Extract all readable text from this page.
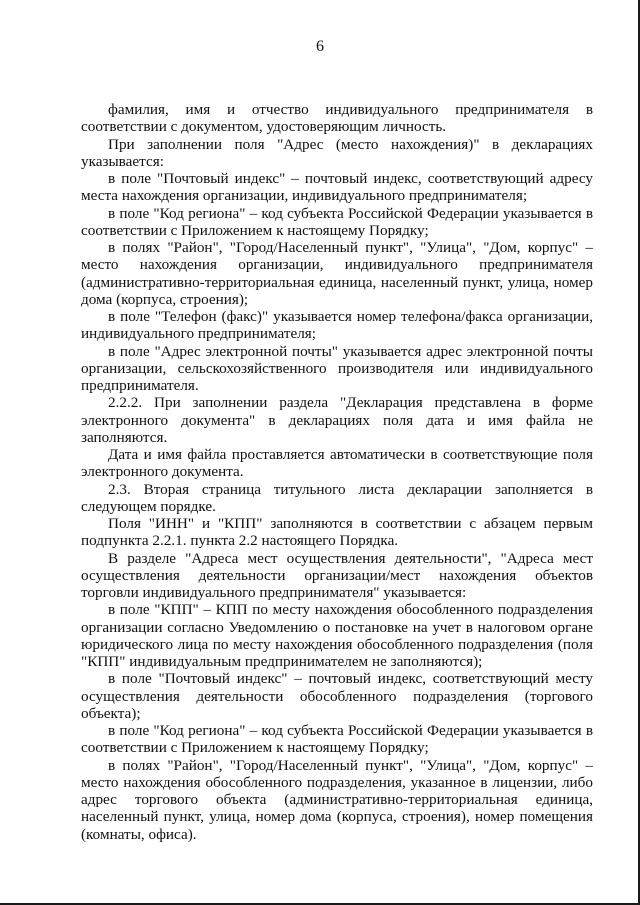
6

фамилия, имя и отчество индивидуального предпринимателя в соответствии с документом, удостоверяющим личность.

При заполнении поля "Адрес (место нахождения)" в декларациях указывается:

в поле "Почтовый индекс" – почтовый индекс, соответствующий адресу места нахождения организации, индивидуального предпринимателя;

в поле "Код региона" – код субъекта Российской Федерации указывается в соответствии с Приложением к настоящему Порядку;

в полях "Район", "Город/Населенный пункт", "Улица", "Дом, корпус" – место нахождения организации, индивидуального предпринимателя (административно-территориальная единица, населенный пункт, улица, номер дома (корпуса, строения);

в поле "Телефон (факс)" указывается номер телефона/факса организации, индивидуального предпринимателя;

в поле "Адрес электронной почты" указывается адрес электронной почты организации, сельскохозяйственного производителя или индивидуального предпринимателя.

2.2.2. При заполнении раздела "Декларация представлена в форме электронного документа" в декларациях поля дата и имя файла не заполняются.

Дата и имя файла проставляется автоматически в соответствующие поля электронного документа.

2.3. Вторая страница титульного листа декларации заполняется в следующем порядке.

Поля "ИНН" и "КПП" заполняются в соответствии с абзацем первым подпункта 2.2.1. пункта 2.2 настоящего Порядка.

В разделе "Адреса мест осуществления деятельности", "Адреса мест осуществления деятельности организации/мест нахождения объектов торговли индивидуального предпринимателя" указывается:

в поле "КПП" – КПП по месту нахождения обособленного подразделения организации согласно Уведомлению о постановке на учет в налоговом органе юридического лица по месту нахождения обособленного подразделения (поля "КПП" индивидуальным предпринимателем не заполняются);

в поле "Почтовый индекс" – почтовый индекс, соответствующий месту осуществления деятельности обособленного подразделения (торгового объекта);

в поле "Код региона" – код субъекта Российской Федерации указывается в соответствии с Приложением к настоящему Порядку;

в полях "Район", "Город/Населенный пункт", "Улица", "Дом, корпус" – место нахождения обособленного подразделения, указанное в лицензии, либо адрес торгового объекта (административно-территориальная единица, населенный пункт, улица, номер дома (корпуса, строения), номер помещения (комнаты, офиса).
